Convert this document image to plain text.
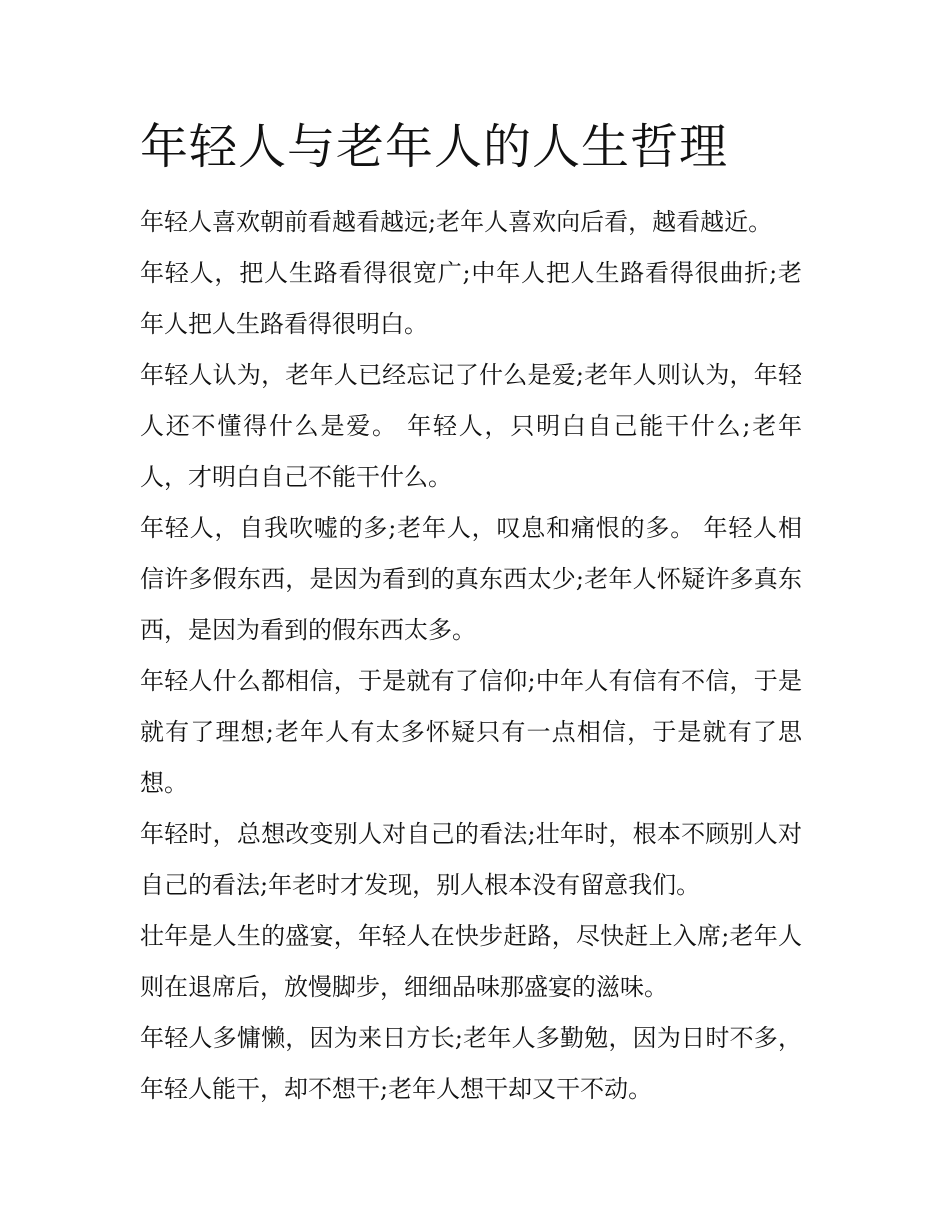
年轻人与老年人的人生哲理

年轻人喜欢朝前看越看越远;老年人喜欢向后看，越看越近。

年轻人，把人生路看得很宽广;中年人把人生路看得很曲折;老年人把人生路看得很明白。

年轻人认为，老年人已经忘记了什么是爱;老年人则认为，年轻人还不懂得什么是爱。 年轻人，只明白自己能干什么;老年人，才明白自己不能干什么。

年轻人，自我吹嘘的多;老年人，叹息和痛恨的多。 年轻人相信许多假东西，是因为看到的真东西太少;老年人怀疑许多真东西，是因为看到的假东西太多。

年轻人什么都相信，于是就有了信仰;中年人有信有不信，于是就有了理想;老年人有太多怀疑只有一点相信，于是就有了思想。

年轻时，总想改变别人对自己的看法;壮年时，根本不顾别人对自己的看法;年老时才发现，别人根本没有留意我们。

壮年是人生的盛宴，年轻人在快步赶路，尽快赶上入席;老年人则在退席后，放慢脚步，细细品味那盛宴的滋味。

年轻人多慵懒，因为来日方长;老年人多勤勉，因为日时不多，年轻人能干，却不想干;老年人想干却又干不动。
